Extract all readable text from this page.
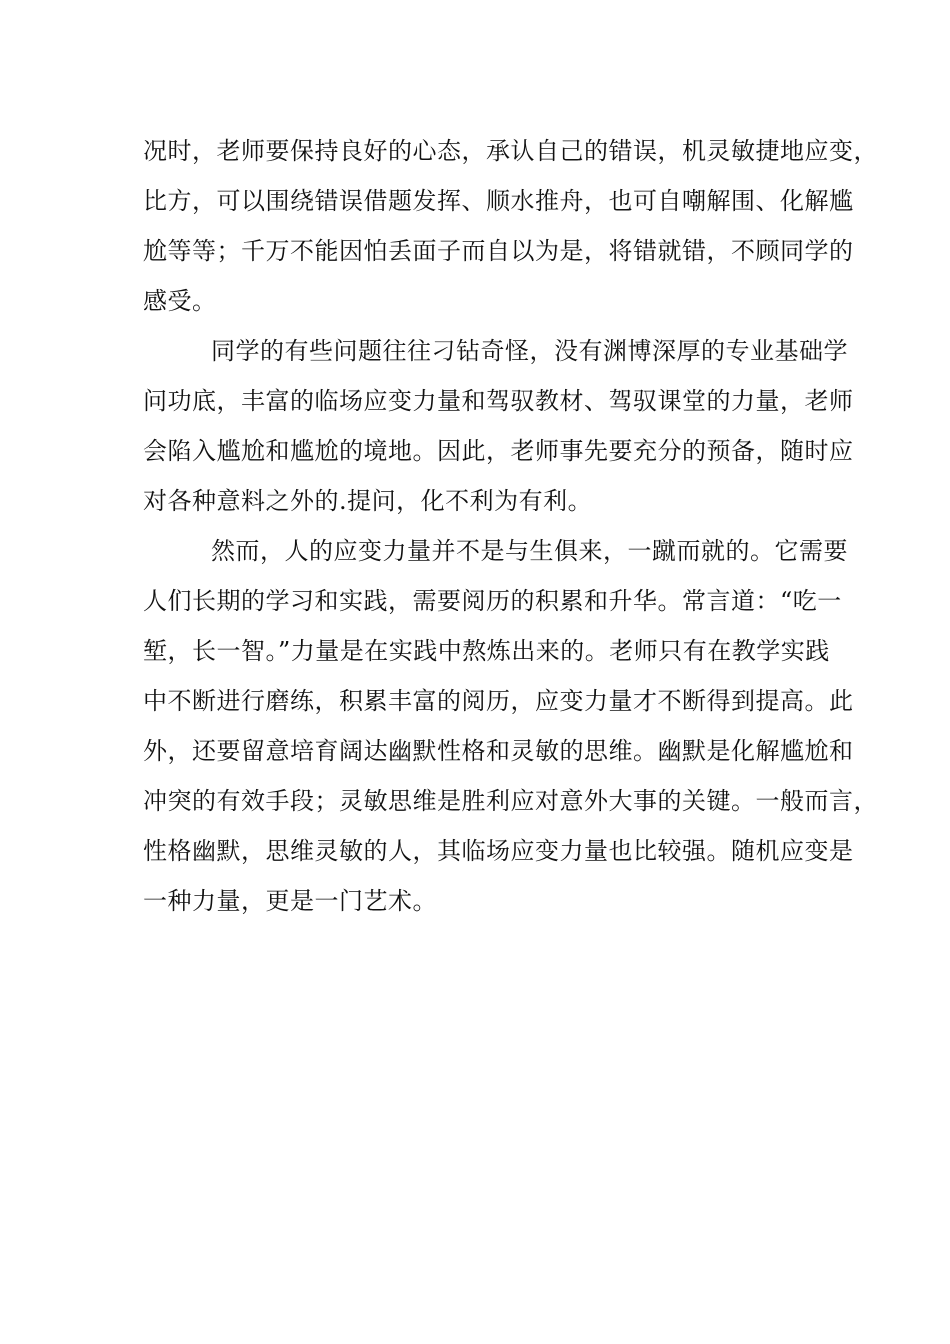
况时，老师要保持良好的心态，承认自己的错误，机灵敏捷地应变，
比方，可以围绕错误借题发挥、顺水推舟，也可自嘲解围、化解尴
尬等等；千万不能因怕丢面子而自以为是，将错就错，不顾同学的
感受。
同学的有些问题往往刁钻奇怪，没有渊博深厚的专业基础学
问功底，丰富的临场应变力量和驾驭教材、驾驭课堂的力量，老师
会陷入尴尬和尴尬的境地。因此，老师事先要充分的预备，随时应
对各种意料之外的.提问，化不利为有利。
然而，人的应变力量并不是与生俱来，一蹴而就的。它需要
人们长期的学习和实践，需要阅历的积累和升华。常言道：“吃一
堑，长一智。”力量是在实践中熬炼出来的。老师只有在教学实践
中不断进行磨练，积累丰富的阅历，应变力量才不断得到提高。此
外，还要留意培育阔达幽默性格和灵敏的思维。幽默是化解尴尬和
冲突的有效手段；灵敏思维是胜利应对意外大事的关键。一般而言，
性格幽默，思维灵敏的人，其临场应变力量也比较强。随机应变是
一种力量，更是一门艺术。
